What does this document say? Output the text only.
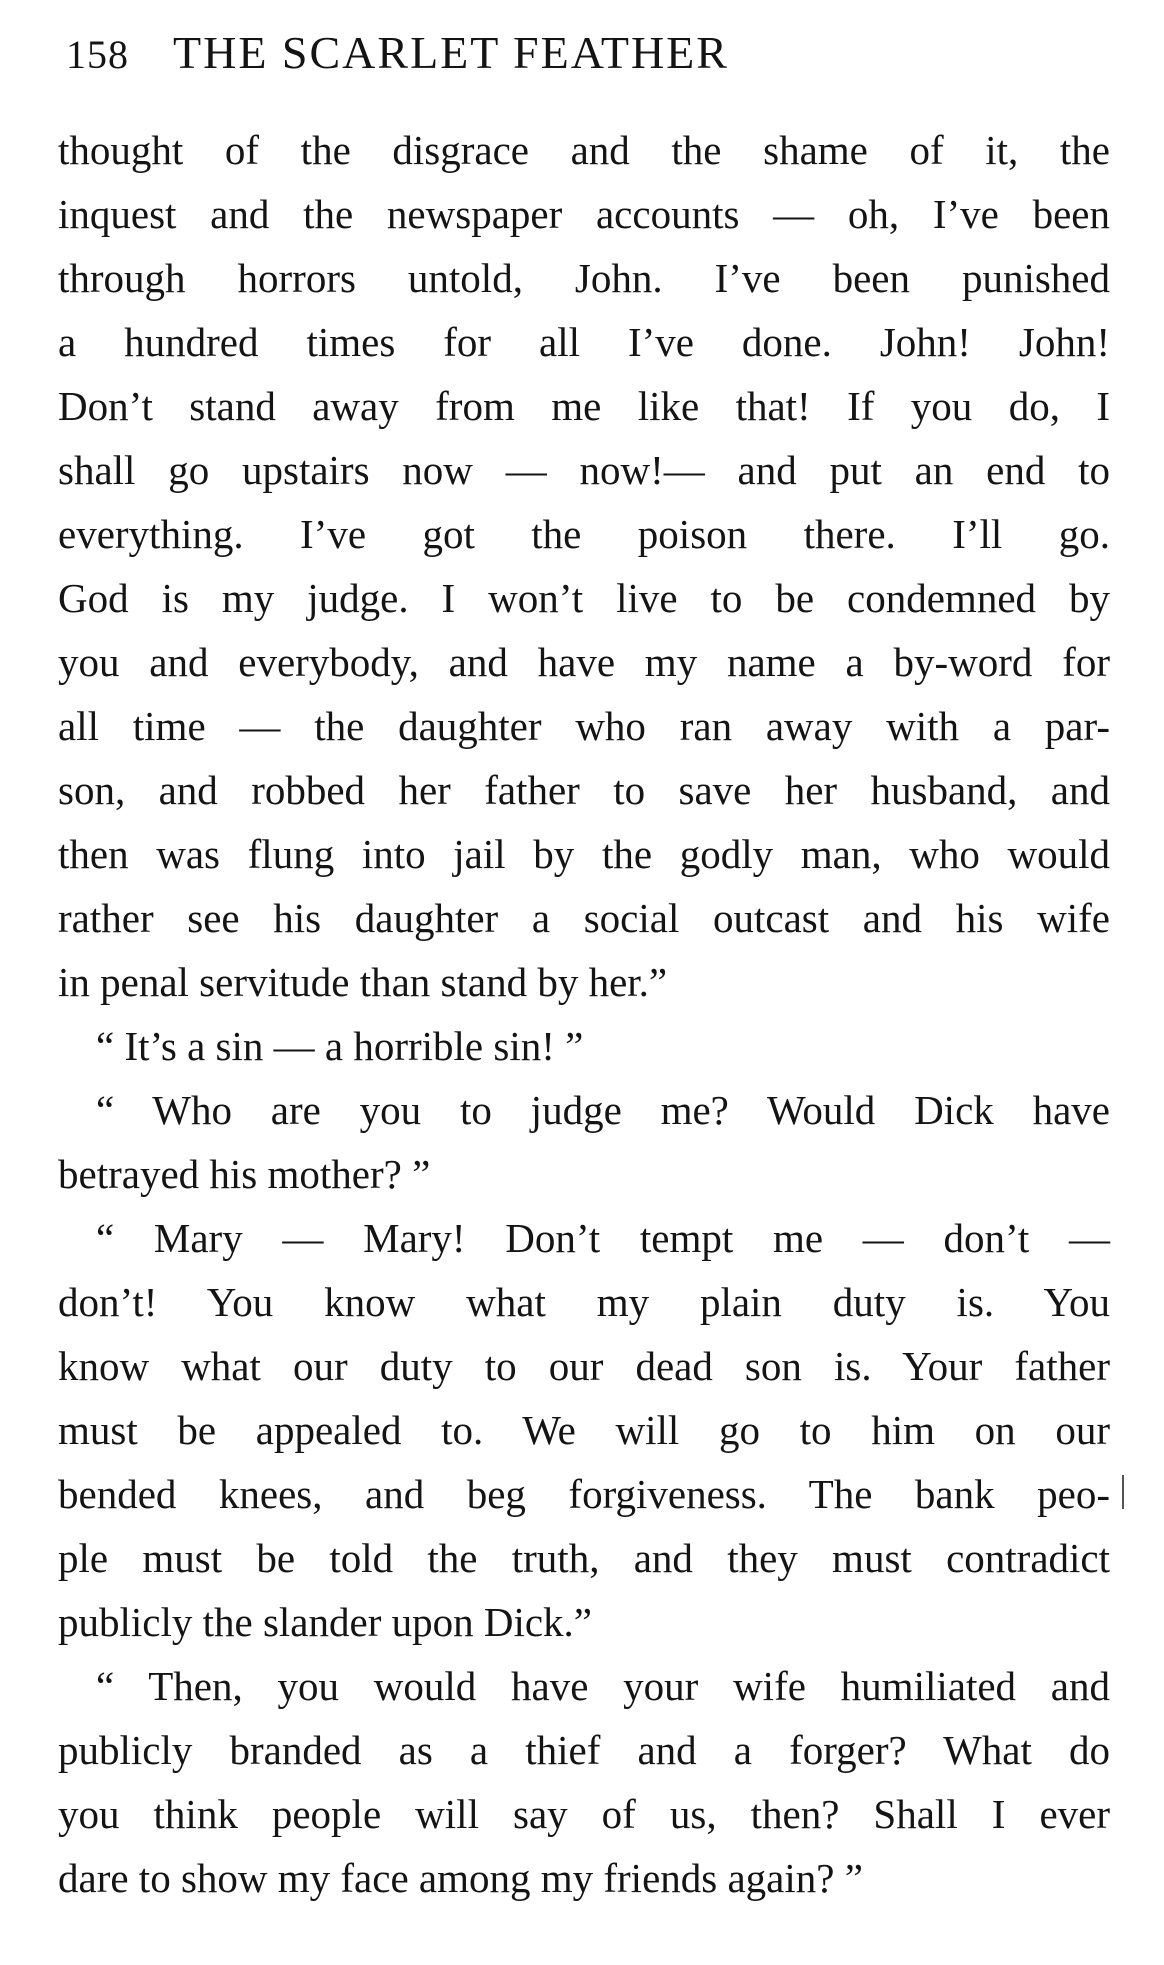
158 THE SCARLET FEATHER
thought of the disgrace and the shame of it, the
inquest and the newspaper accounts — oh, I’ve been
through horrors untold, John. I’ve been punished
a hundred times for all I’ve done. John! John!
Don’t stand away from me like that! If you do, I
shall go upstairs now — now!— and put an end to
everything. I’ve got the poison there. I’ll go.
God is my judge. I won’t live to be condemned by
you and everybody, and have my name a by-word for
all time — the daughter who ran away with a par-
son, and robbed her father to save her husband, and
then was flung into jail by the godly man, who would
rather see his daughter a social outcast and his wife
in penal servitude than stand by her.”
“ It’s a sin — a horrible sin! ”
“ Who are you to judge me? Would Dick have
betrayed his mother? ”
“ Mary — Mary! Don’t tempt me — don’t —
don’t! You know what my plain duty is. You
know what our duty to our dead son is. Your father
must be appealed to. We will go to him on our
bended knees, and beg forgiveness. The bank peo-
ple must be told the truth, and they must contradict
publicly the slander upon Dick.”
“ Then, you would have your wife humiliated and
publicly branded as a thief and a forger? What do
you think people will say of us, then? Shall I ever
dare to show my face among my friends again? ”
